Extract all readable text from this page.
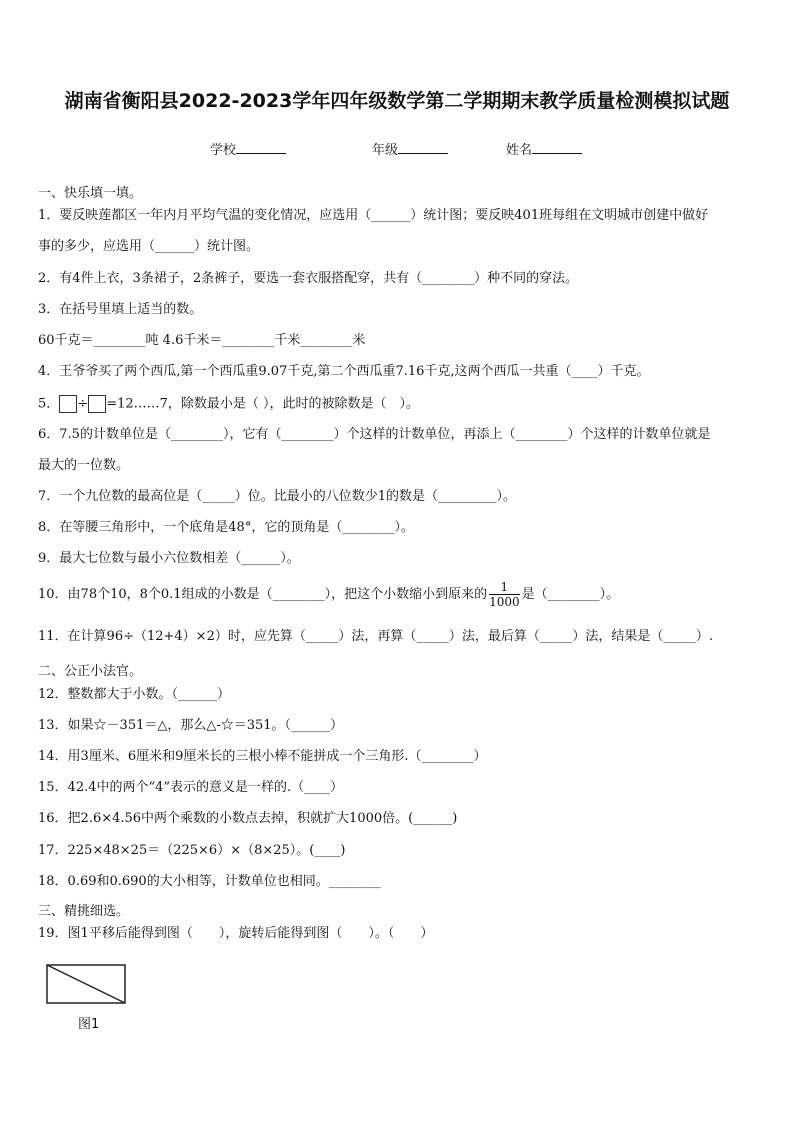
湖南省衡阳县2022-2023学年四年级数学第二学期期末教学质量检测模拟试题
学校	年级	姓名
一、快乐填一填。
1．要反映莲都区一年内月平均气温的变化情况，应选用（______）统计图；要反映401班每组在文明城市创建中做好
事的多少，应选用（______）统计图。
2．有4件上衣，3条裙子，2条裤子，要选一套衣服搭配穿，共有（________）种不同的穿法。
3．在括号里填上适当的数。
60千克＝________吨 4.6千米＝________千米________米
4．王爷爷买了两个西瓜,第一个西瓜重9.07千克,第二个西瓜重7.16千克,这两个西瓜一共重（____）千克。
5． ÷ =12……7，除数最小是（ ），此时的被除数是（　）。
6．7.5的计数单位是（________），它有（________）个这样的计数单位，再添上（________）个这样的计数单位就是
最大的一位数。
7．一个九位数的最高位是（_____）位。比最小的八位数少1的数是（_________）。
8．在等腰三角形中，一个底角是48°，它的顶角是（________）。
9．最大七位数与最小六位数相差（______）。
10．由78个10，8个0.1组成的小数是（________），把这个小数缩小到原来的 $\frac{1}{1000}$ 是（________）。
11．在计算96÷（12+4）×2）时，应先算（_____）法，再算（_____）法，最后算（_____）法，结果是（_____）.
二、公正小法官。
12．整数都大于小数。（______）
13．如果☆－351＝△，那么△-☆＝351。（______）
14．用3厘米、6厘米和9厘米长的三根小棒不能拼成一个三角形.（________）
15．42.4中的两个“4”表示的意义是一样的.（____）
16．把2.6×4.56中两个乘数的小数点去掉，积就扩大1000倍。(______)
17．225×48×25＝（225×6）×（8×25）。(____)
18．0.69和0.690的大小相等，计数单位也相同。________
三、精挑细选。
19．图1平移后能得到图（　　），旋转后能得到图（　　）。（　　）
图1
